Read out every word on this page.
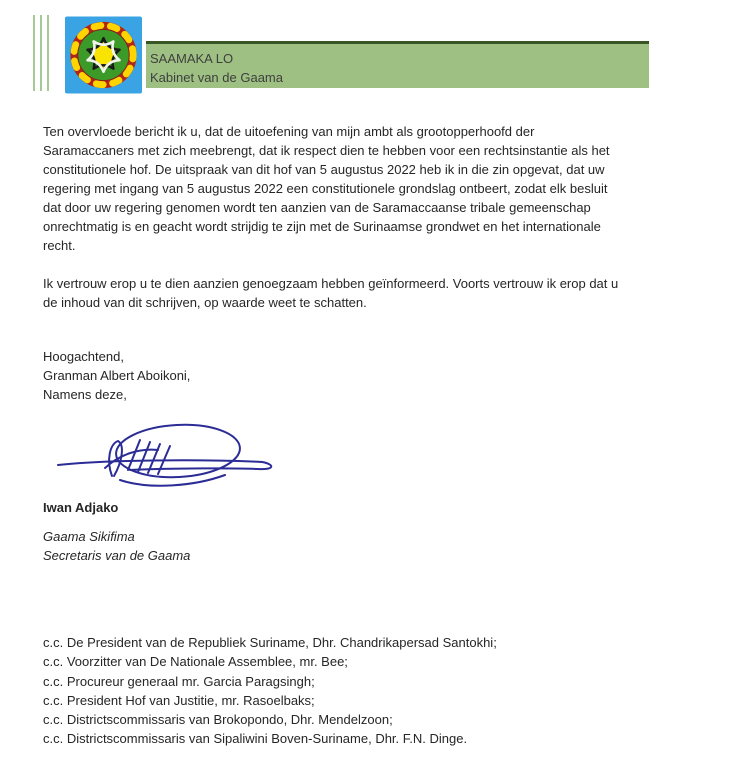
SAAMAKA LO
Kabinet van de Gaama
Ten overvloede bericht ik u, dat de uitoefening van mijn ambt als grootopperhoofd der
Saramaccaners met zich meebrengt, dat ik respect dien te hebben voor een rechtsinstantie als het
constitutionele hof. De uitspraak van dit hof van 5 augustus 2022 heb ik in die zin opgevat, dat uw
regering met ingang van 5 augustus 2022 een constitutionele grondslag ontbeert, zodat elk besluit
dat door uw regering genomen wordt ten aanzien van de Saramaccaanse tribale gemeenschap
onrechtmatig is en geacht wordt strijdig te zijn met de Surinaamse grondwet en het internationale
recht.
Ik vertrouw erop u te dien aanzien genoegzaam hebben geïnformeerd. Voorts vertrouw ik erop dat u
de inhoud van dit schrijven, op waarde weet te schatten.
Hoogachtend,
Granman Albert Aboikoni,
Namens deze,
Iwan Adjako
Gaama Sikifima
Secretaris van de Gaama
c.c. De President van de Republiek Suriname, Dhr. Chandrikapersad Santokhi;
c.c. Voorzitter van De Nationale Assemblee, mr. Bee;
c.c. Procureur generaal mr. Garcia Paragsingh;
c.c. President Hof van Justitie, mr. Rasoelbaks;
c.c. Districtscommissaris van Brokopondo, Dhr. Mendelzoon;
c.c. Districtscommissaris van Sipaliwini Boven-Suriname, Dhr. F.N. Dinge.
